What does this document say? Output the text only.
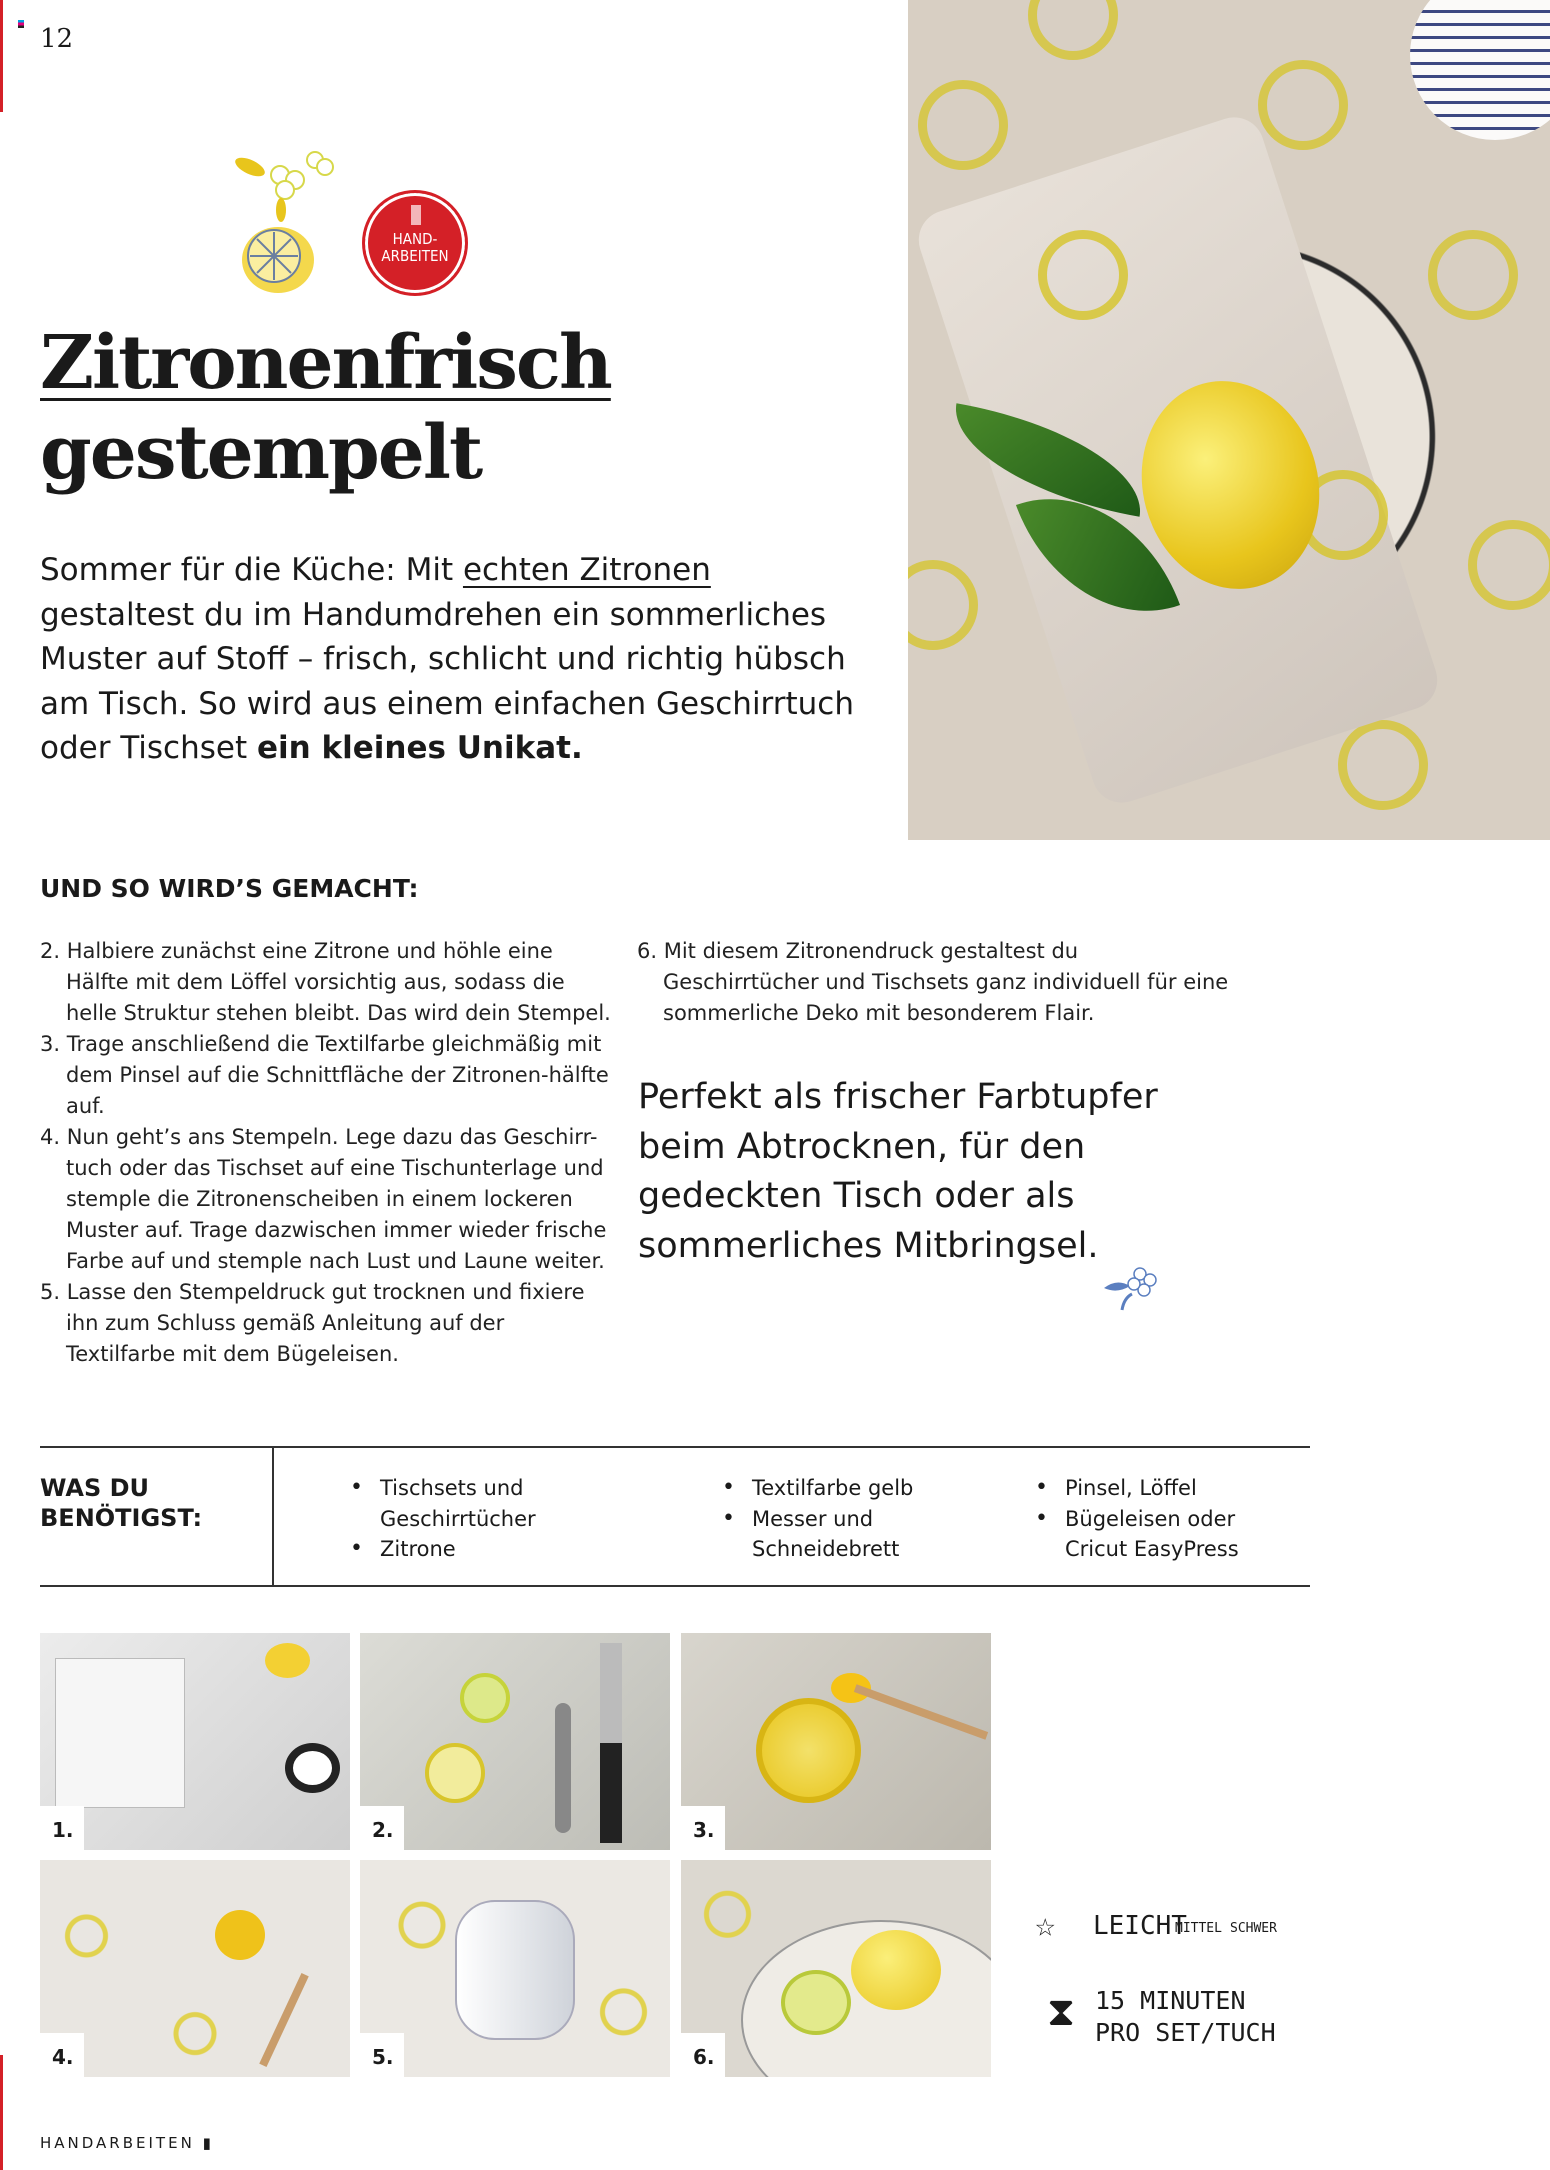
12
HAND-
ARBEITEN
Zitronenfrisch
gestempelt

Sommer für die Küche: Mit echten Zitronen gestaltest du im Handumdrehen ein sommerliches Muster auf Stoff – frisch, schlicht und richtig hübsch am Tisch. So wird aus einem einfachen Geschirrtuch oder Tischset ein kleines Unikat.

UND SO WIRD’S GEMACHT:
2. Halbiere zunächst eine Zitrone und höhle eine Hälfte mit dem Löffel vorsichtig aus, sodass die helle Struktur stehen bleibt. Das wird dein Stempel.
3. Trage anschließend die Textilfarbe gleichmäßig mit dem Pinsel auf die Schnittfläche der Zitronen-hälfte auf.
4. Nun geht’s ans Stempeln. Lege dazu das Geschirr-tuch oder das Tischset auf eine Tischunterlage und stemple die Zitronenscheiben in einem lockeren Muster auf. Trage dazwischen immer wieder frische Farbe auf und stemple nach Lust und Laune weiter.
5. Lasse den Stempeldruck gut trocknen und fixiere ihn zum Schluss gemäß Anleitung auf der Textilfarbe mit dem Bügeleisen.
6. Mit diesem Zitronendruck gestaltest du Geschirrtücher und Tischsets ganz individuell für eine sommerliche Deko mit besonderem Flair.

Perfekt als frischer Farbtupfer beim Abtrocknen, für den gedeckten Tisch oder als sommerliches Mitbringsel.

WAS DU
BENÖTIGST:
• Tischsets und Geschirrtücher
• Zitrone
• Textilfarbe gelb
• Messer und Schneidebrett
• Pinsel, Löffel
• Bügeleisen oder Cricut EasyPress
1.	2.	3.
4.	5.	6.
☆ LEICHT
MITTEL SCHWER
⧗ 15 MINUTEN
PRO SET/TUCH
HANDARBEITEN ▮
